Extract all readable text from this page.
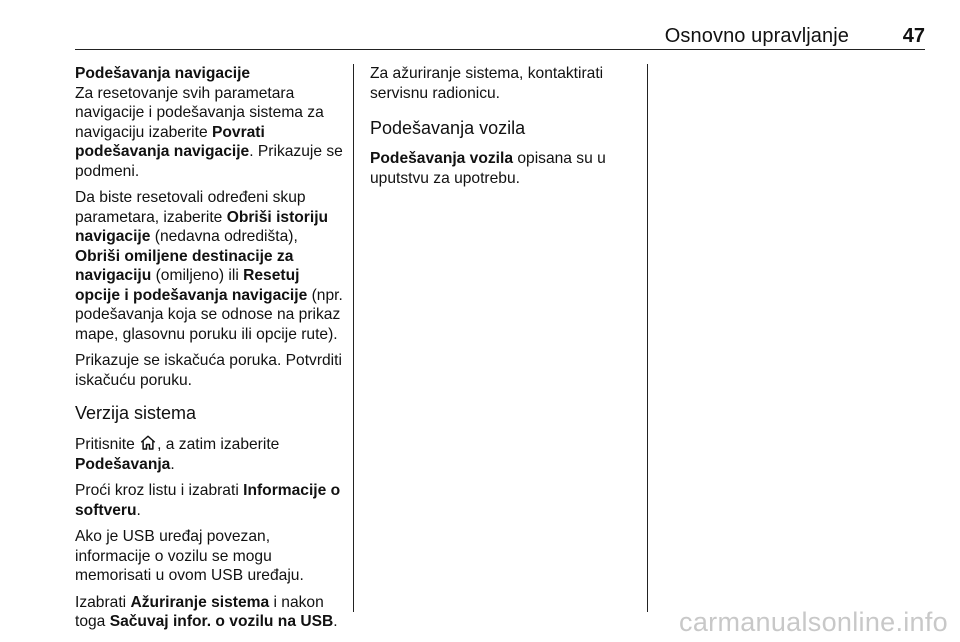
Osnovno upravljanje	47

Podešavanja navigacije

Za resetovanje svih parametara navigacije i podešavanja sistema za navigaciju izaberite Povrati podešavanja navigacije. Prikazuje se podmeni.

Da biste resetovali određeni skup parametara, izaberite Obriši istoriju navigacije (nedavna odredišta), Obriši omiljene destinacije za navigaciju (omiljeno) ili Resetuj opcije i podešavanja navigacije (npr. podešavanja koja se odnose na prikaz mape, glasovnu poruku ili opcije rute).

Prikazuje se iskačuća poruka. Potvrditi iskačuću poruku.

Verzija sistema

Pritisnite , a zatim izaberite Podešavanja.

Proći kroz listu i izabrati Informacije o softveru.

Ako je USB uređaj povezan, informacije o vozilu se mogu memorisati u ovom USB uređaju.

Izabrati Ažuriranje sistema i nakon toga Sačuvaj infor. o vozilu na USB.

Za ažuriranje sistema, kontaktirati servisnu radionicu.

Podešavanja vozila

Podešavanja vozila opisana su u uputstvu za upotrebu.

carmanualsonline.info
